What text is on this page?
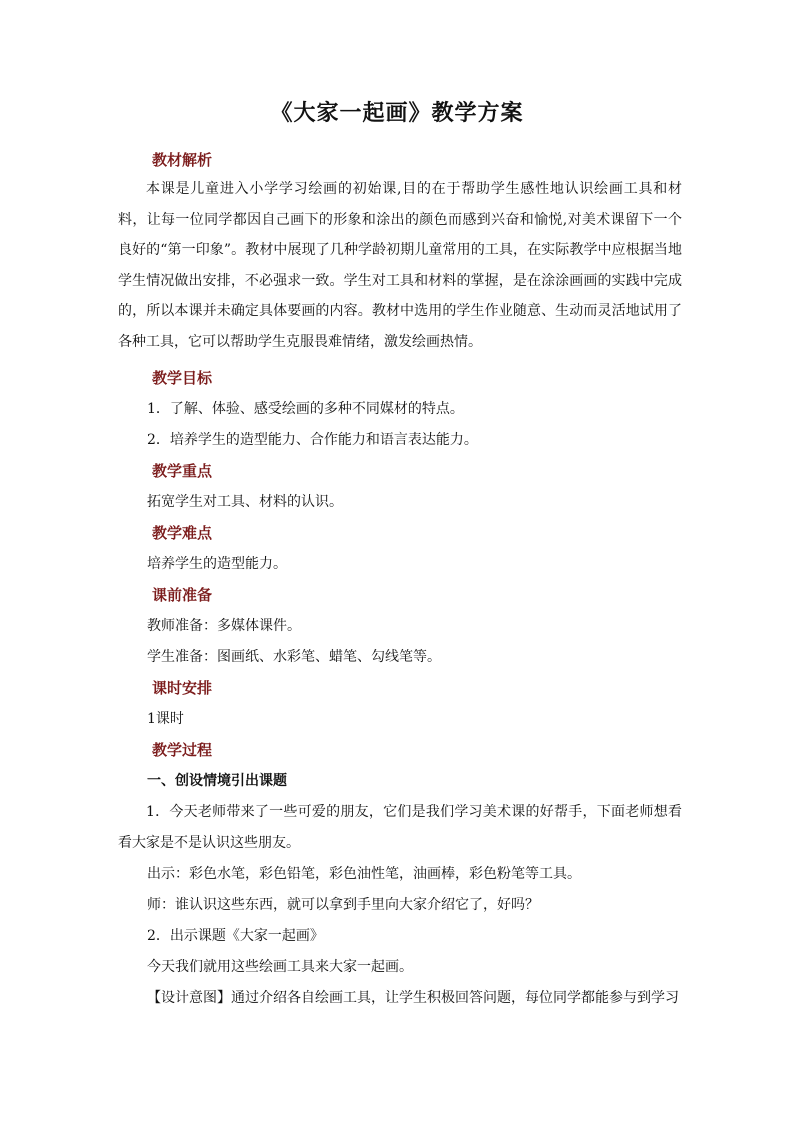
《大家一起画》教学方案
教材解析
本课是儿童进入小学学习绘画的初始课,目的在于帮助学生感性地认识绘画工具和材料，让每一位同学都因自己画下的形象和涂出的颜色而感到兴奋和愉悦,对美术课留下一个良好的“第一印象”。教材中展现了几种学龄初期儿童常用的工具，在实际教学中应根据当地学生情况做出安排，不必强求一致。学生对工具和材料的掌握，是在涂涂画画的实践中完成的，所以本课并未确定具体要画的内容。教材中选用的学生作业随意、生动而灵活地试用了各种工具，它可以帮助学生克服畏难情绪，激发绘画热情。
教学目标
1．了解、体验、感受绘画的多种不同媒材的特点。
2．培养学生的造型能力、合作能力和语言表达能力。
教学重点
拓宽学生对工具、材料的认识。
教学难点
培养学生的造型能力。
课前准备
教师准备：多媒体课件。
学生准备：图画纸、水彩笔、蜡笔、勾线笔等。
课时安排
1课时
教学过程
一、创设情境引出课题
1．今天老师带来了一些可爱的朋友，它们是我们学习美术课的好帮手，下面老师想看看大家是不是认识这些朋友。
出示：彩色水笔，彩色铅笔，彩色油性笔，油画棒，彩色粉笔等工具。
师：谁认识这些东西，就可以拿到手里向大家介绍它了，好吗？
2．出示课题《大家一起画》
今天我们就用这些绘画工具来大家一起画。
【设计意图】通过介绍各自绘画工具，让学生积极回答问题，每位同学都能参与到学习
